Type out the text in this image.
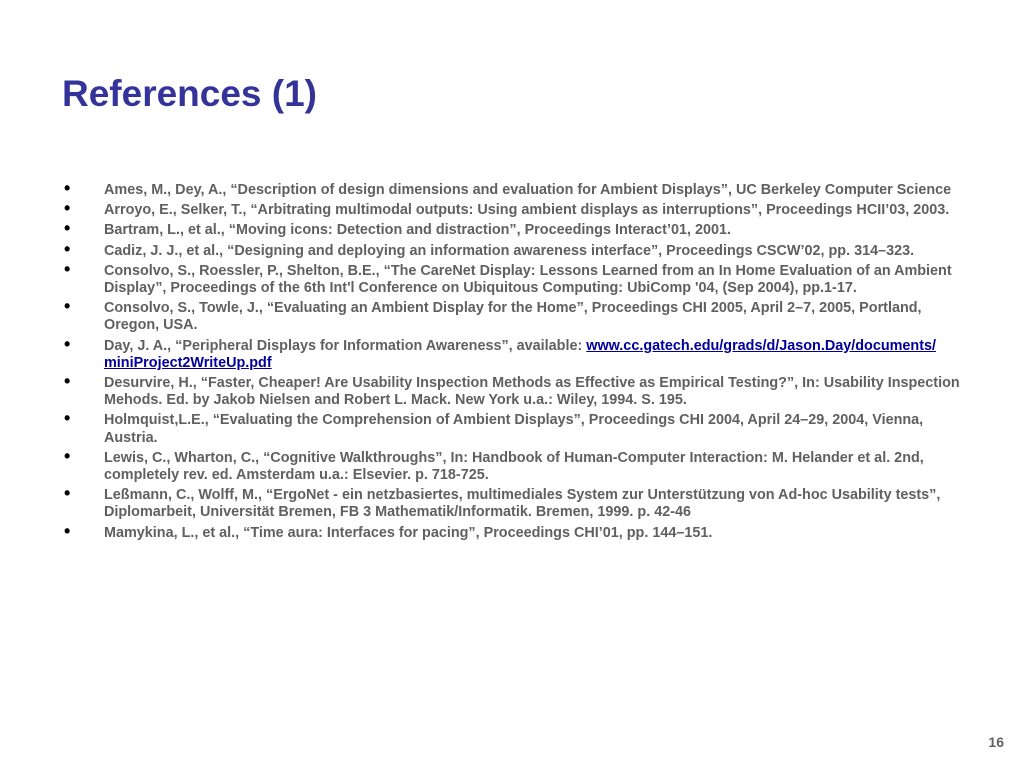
References (1)
• Ames, M., Dey, A., “Description of design dimensions and evaluation for Ambient Displays”, UC Berkeley Computer Science
• Arroyo, E., Selker, T., “Arbitrating multimodal outputs: Using ambient displays as interruptions”, Proceedings HCII’03, 2003.
• Bartram, L., et al., “Moving icons: Detection and distraction”, Proceedings Interact’01, 2001.
• Cadiz, J. J., et al., “Designing and deploying an information awareness interface”, Proceedings CSCW’02, pp. 314–323.
• Consolvo, S., Roessler, P., Shelton, B.E., “The CareNet Display: Lessons Learned from an In Home Evaluation of an Ambient Display”, Proceedings of the 6th Int'l Conference on Ubiquitous Computing: UbiComp '04, (Sep 2004), pp.1-17.
• Consolvo, S., Towle, J., “Evaluating an Ambient Display for the Home”, Proceedings CHI 2005, April 2–7, 2005, Portland, Oregon, USA.
• Day, J. A., “Peripheral Displays for Information Awareness”, available: www.cc.gatech.edu/grads/d/Jason.Day/documents/ miniProject2WriteUp.pdf
• Desurvire, H., “Faster, Cheaper! Are Usability Inspection Methods as Effective as Empirical Testing?”, In: Usability Inspection Mehods. Ed. by Jakob Nielsen and Robert L. Mack. New York u.a.: Wiley, 1994. S. 195.
• Holmquist,L.E., “Evaluating the Comprehension of Ambient Displays”, Proceedings CHI 2004, April 24–29, 2004, Vienna, Austria.
• Lewis, C., Wharton, C., “Cognitive Walkthroughs”, In: Handbook of Human-Computer Interaction: M. Helander et al. 2nd, completely rev. ed. Amsterdam u.a.: Elsevier. p. 718-725.
• Leßmann, C., Wolff, M., “ErgoNet - ein netzbasiertes, multimediales System zur Unterstützung von Ad-hoc Usability tests”, Diplomarbeit, Universität Bremen, FB 3 Mathematik/Informatik. Bremen, 1999. p. 42-46
• Mamykina, L., et al., “Time aura: Interfaces for pacing”, Proceedings CHI’01, pp. 144–151.
16
